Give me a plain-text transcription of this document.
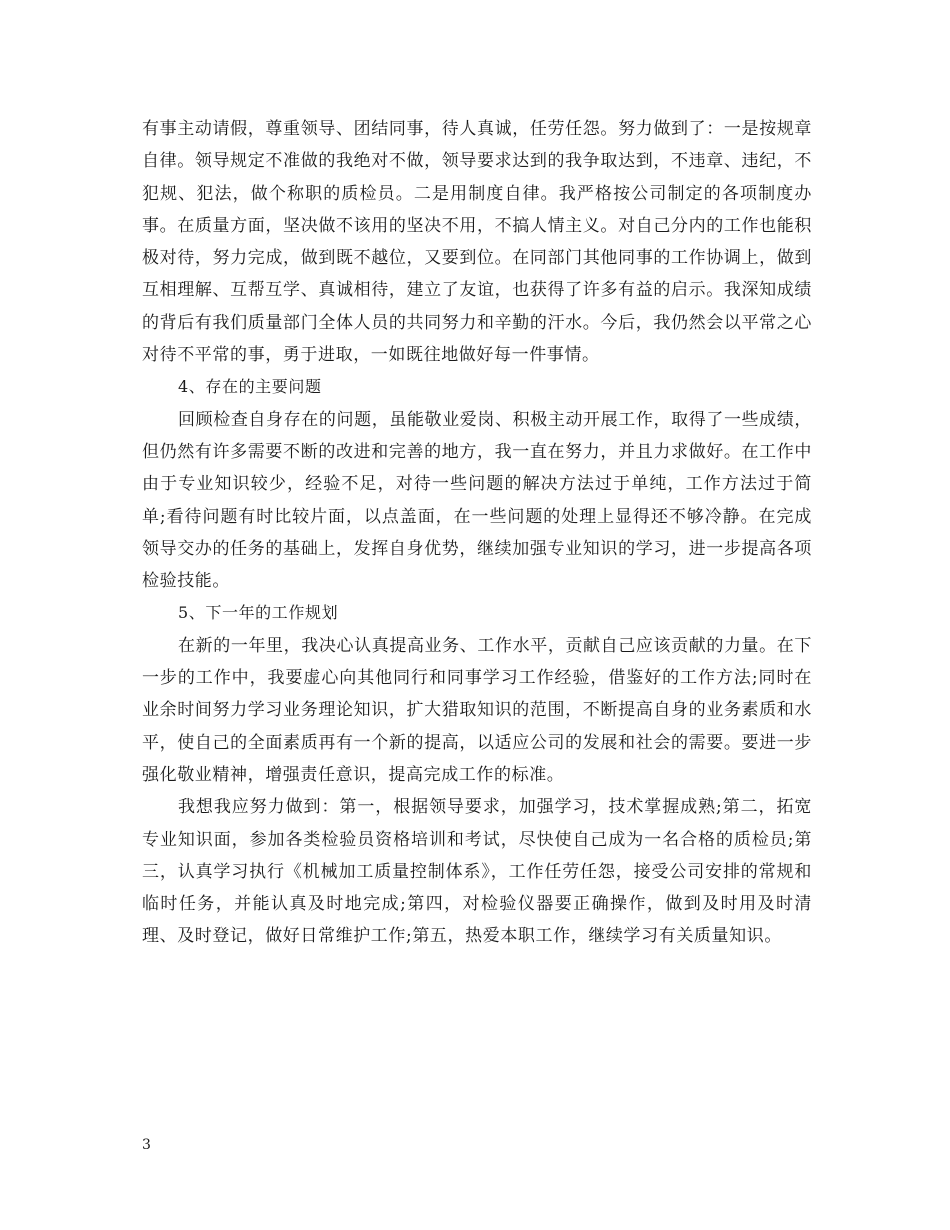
有事主动请假，尊重领导、团结同事，待人真诚，任劳任怨。努力做到了：一是按规章自律。领导规定不准做的我绝对不做，领导要求达到的我争取达到，不违章、违纪，不犯规、犯法，做个称职的质检员。二是用制度自律。我严格按公司制定的各项制度办事。在质量方面，坚决做不该用的坚决不用，不搞人情主义。对自己分内的工作也能积极对待，努力完成，做到既不越位，又要到位。在同部门其他同事的工作协调上，做到互相理解、互帮互学、真诚相待，建立了友谊，也获得了许多有益的启示。我深知成绩的背后有我们质量部门全体人员的共同努力和辛勤的汗水。今后，我仍然会以平常之心对待不平常的事，勇于进取，一如既往地做好每一件事情。

4、存在的主要问题

回顾检查自身存在的问题，虽能敬业爱岗、积极主动开展工作，取得了一些成绩，但仍然有许多需要不断的改进和完善的地方，我一直在努力，并且力求做好。在工作中由于专业知识较少，经验不足，对待一些问题的解决方法过于单纯，工作方法过于简单;看待问题有时比较片面，以点盖面，在一些问题的处理上显得还不够冷静。在完成领导交办的任务的基础上，发挥自身优势，继续加强专业知识的学习，进一步提高各项检验技能。

5、下一年的工作规划

在新的一年里，我决心认真提高业务、工作水平，贡献自己应该贡献的力量。在下一步的工作中，我要虚心向其他同行和同事学习工作经验，借鉴好的工作方法;同时在业余时间努力学习业务理论知识，扩大猎取知识的范围，不断提高自身的业务素质和水平，使自己的全面素质再有一个新的提高，以适应公司的发展和社会的需要。要进一步强化敬业精神，增强责任意识，提高完成工作的标准。

我想我应努力做到：第一，根据领导要求，加强学习，技术掌握成熟;第二，拓宽专业知识面，参加各类检验员资格培训和考试，尽快使自己成为一名合格的质检员;第三，认真学习执行《机械加工质量控制体系》，工作任劳任怨，接受公司安排的常规和临时任务，并能认真及时地完成;第四，对检验仪器要正确操作，做到及时用及时清理、及时登记，做好日常维护工作;第五，热爱本职工作，继续学习有关质量知识。

3
